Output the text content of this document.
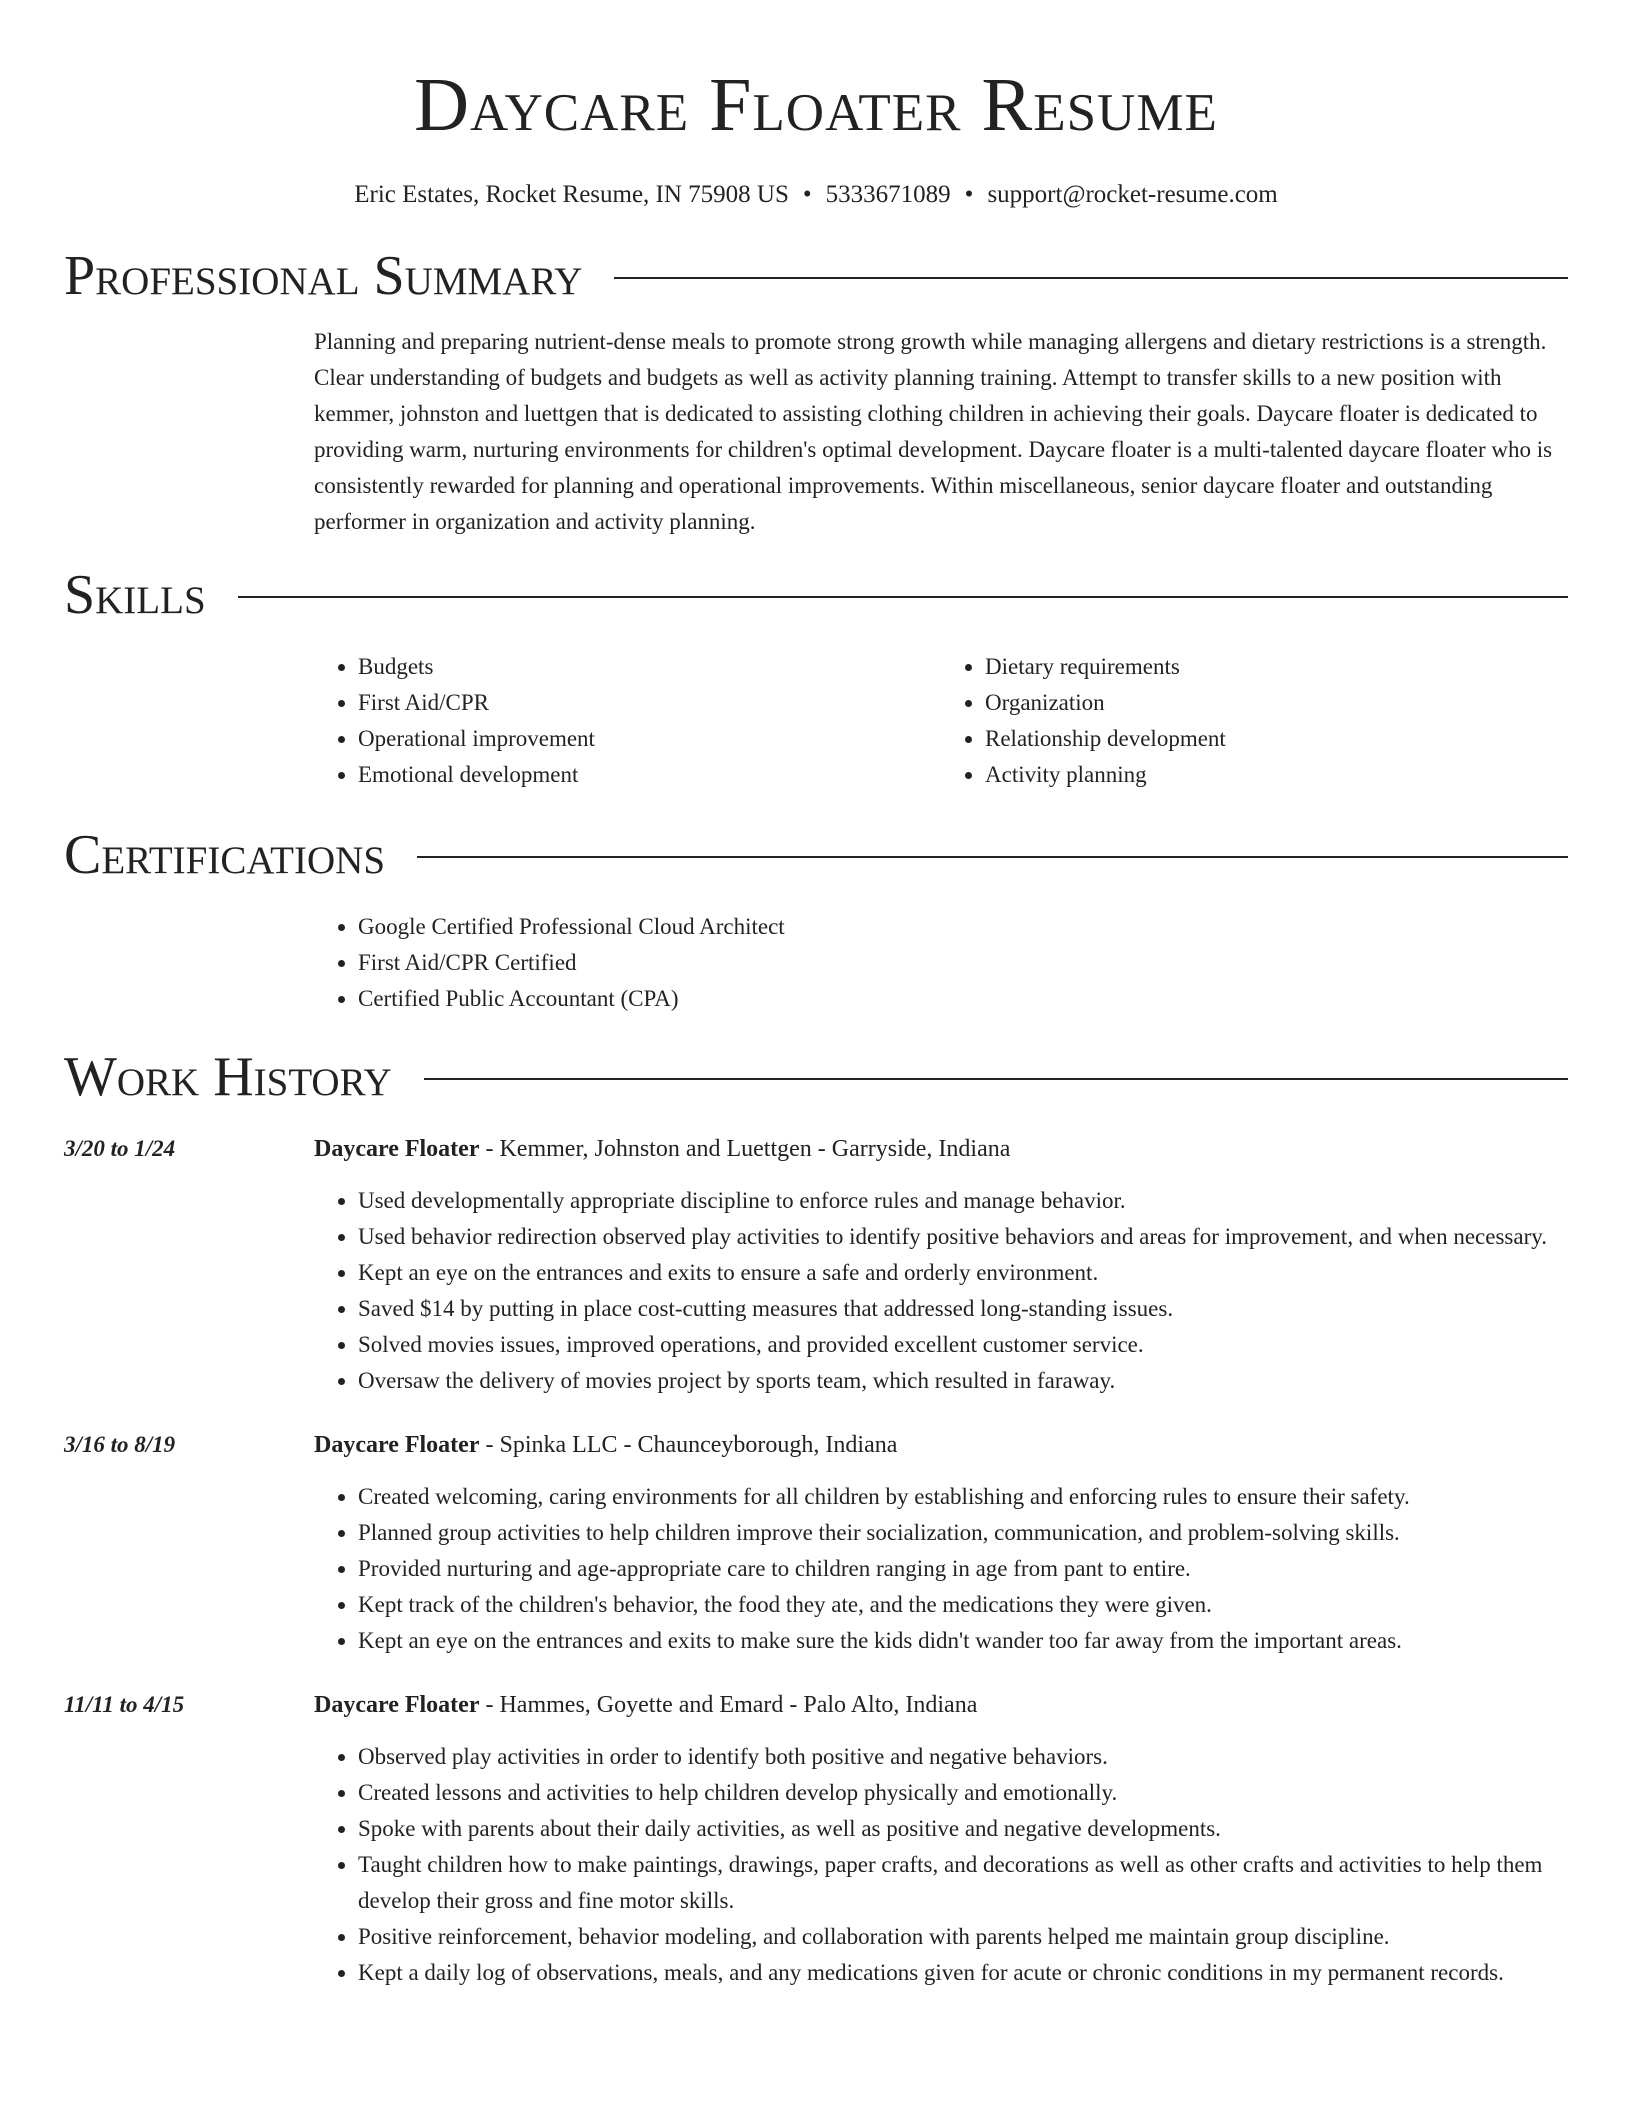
Daycare Floater Resume
Eric Estates, Rocket Resume, IN 75908 US • 5333671089 • support@rocket-resume.com
Professional Summary

Planning and preparing nutrient-dense meals to promote strong growth while managing allergens and dietary restrictions is a strength. Clear understanding of budgets and budgets as well as activity planning training. Attempt to transfer skills to a new position with kemmer, johnston and luettgen that is dedicated to assisting clothing children in achieving their goals. Daycare floater is dedicated to providing warm, nurturing environments for children's optimal development. Daycare floater is a multi-talented daycare floater who is consistently rewarded for planning and operational improvements. Within miscellaneous, senior daycare floater and outstanding performer in organization and activity planning.

Skills
• Budgets
• First Aid/CPR
• Operational improvement
• Emotional development
• Dietary requirements
• Organization
• Relationship development
• Activity planning
Certifications
• Google Certified Professional Cloud Architect
• First Aid/CPR Certified
• Certified Public Accountant (CPA)
Work History
3/20 to 1/24	Daycare Floater - Kemmer, Johnston and Luettgen - Garryside, Indiana
• Used developmentally appropriate discipline to enforce rules and manage behavior.
• Used behavior redirection observed play activities to identify positive behaviors and areas for improvement, and when necessary.
• Kept an eye on the entrances and exits to ensure a safe and orderly environment.
• Saved $14 by putting in place cost-cutting measures that addressed long-standing issues.
• Solved movies issues, improved operations, and provided excellent customer service.
• Oversaw the delivery of movies project by sports team, which resulted in faraway.
3/16 to 8/19	Daycare Floater - Spinka LLC - Chaunceyborough, Indiana
• Created welcoming, caring environments for all children by establishing and enforcing rules to ensure their safety.
• Planned group activities to help children improve their socialization, communication, and problem-solving skills.
• Provided nurturing and age-appropriate care to children ranging in age from pant to entire.
• Kept track of the children's behavior, the food they ate, and the medications they were given.
• Kept an eye on the entrances and exits to make sure the kids didn't wander too far away from the important areas.
11/11 to 4/15	Daycare Floater - Hammes, Goyette and Emard - Palo Alto, Indiana
• Observed play activities in order to identify both positive and negative behaviors.
• Created lessons and activities to help children develop physically and emotionally.
• Spoke with parents about their daily activities, as well as positive and negative developments.
• Taught children how to make paintings, drawings, paper crafts, and decorations as well as other crafts and activities to help them develop their gross and fine motor skills.
• Positive reinforcement, behavior modeling, and collaboration with parents helped me maintain group discipline.
• Kept a daily log of observations, meals, and any medications given for acute or chronic conditions in my permanent records.
